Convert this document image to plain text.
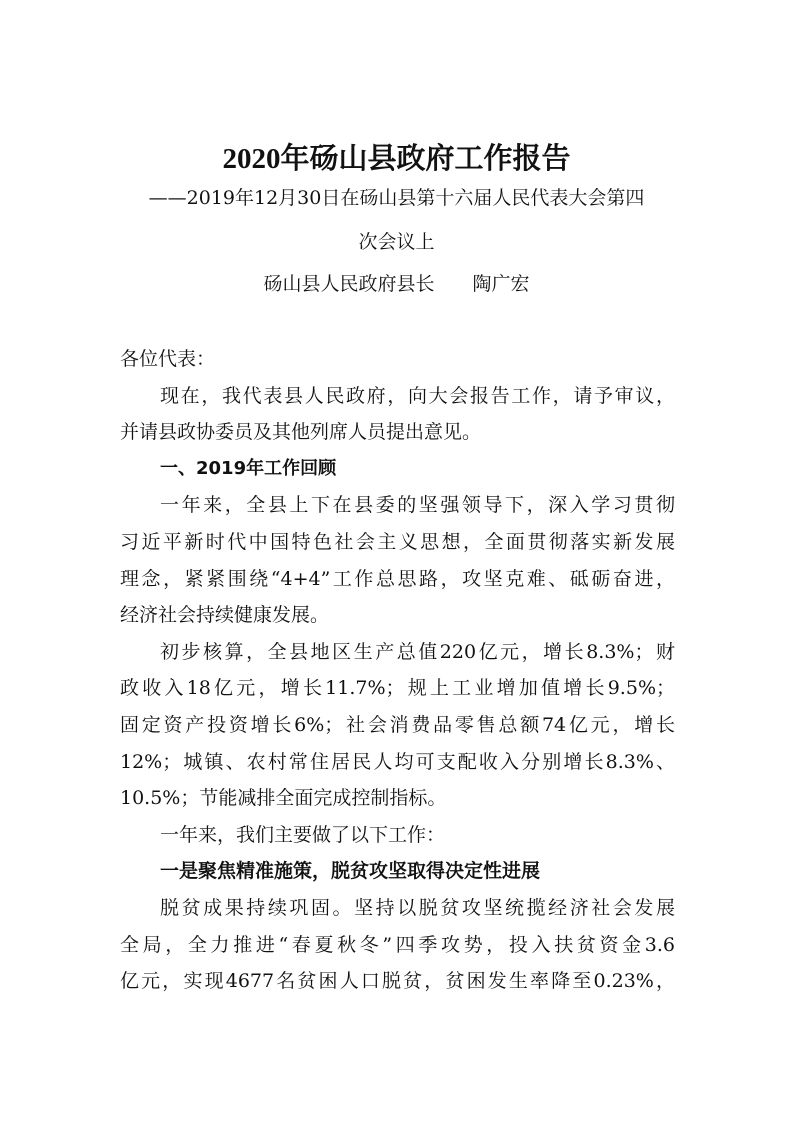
2020年砀山县政府工作报告
——2019年12月30日在砀山县第十六届人民代表大会第四
次会议上
砀山县人民政府县长　　陶广宏
各位代表：
现在，我代表县人民政府，向大会报告工作，请予审议，
并请县政协委员及其他列席人员提出意见。
一、2019年工作回顾
一年来，全县上下在县委的坚强领导下，深入学习贯彻
习近平新时代中国特色社会主义思想，全面贯彻落实新发展
理念，紧紧围绕“4+4”工作总思路，攻坚克难、砥砺奋进，
经济社会持续健康发展。
初步核算，全县地区生产总值220亿元，增长8.3%；财
政收入18亿元，增长11.7%；规上工业增加值增长9.5%；
固定资产投资增长6%；社会消费品零售总额74亿元，增长
12%；城镇、农村常住居民人均可支配收入分别增长8.3%、
10.5%；节能减排全面完成控制指标。
一年来，我们主要做了以下工作：
一是聚焦精准施策，脱贫攻坚取得决定性进展
脱贫成果持续巩固。坚持以脱贫攻坚统揽经济社会发展
全局，全力推进“春夏秋冬”四季攻势，投入扶贫资金3.6
亿元，实现4677名贫困人口脱贫，贫困发生率降至0.23%，
